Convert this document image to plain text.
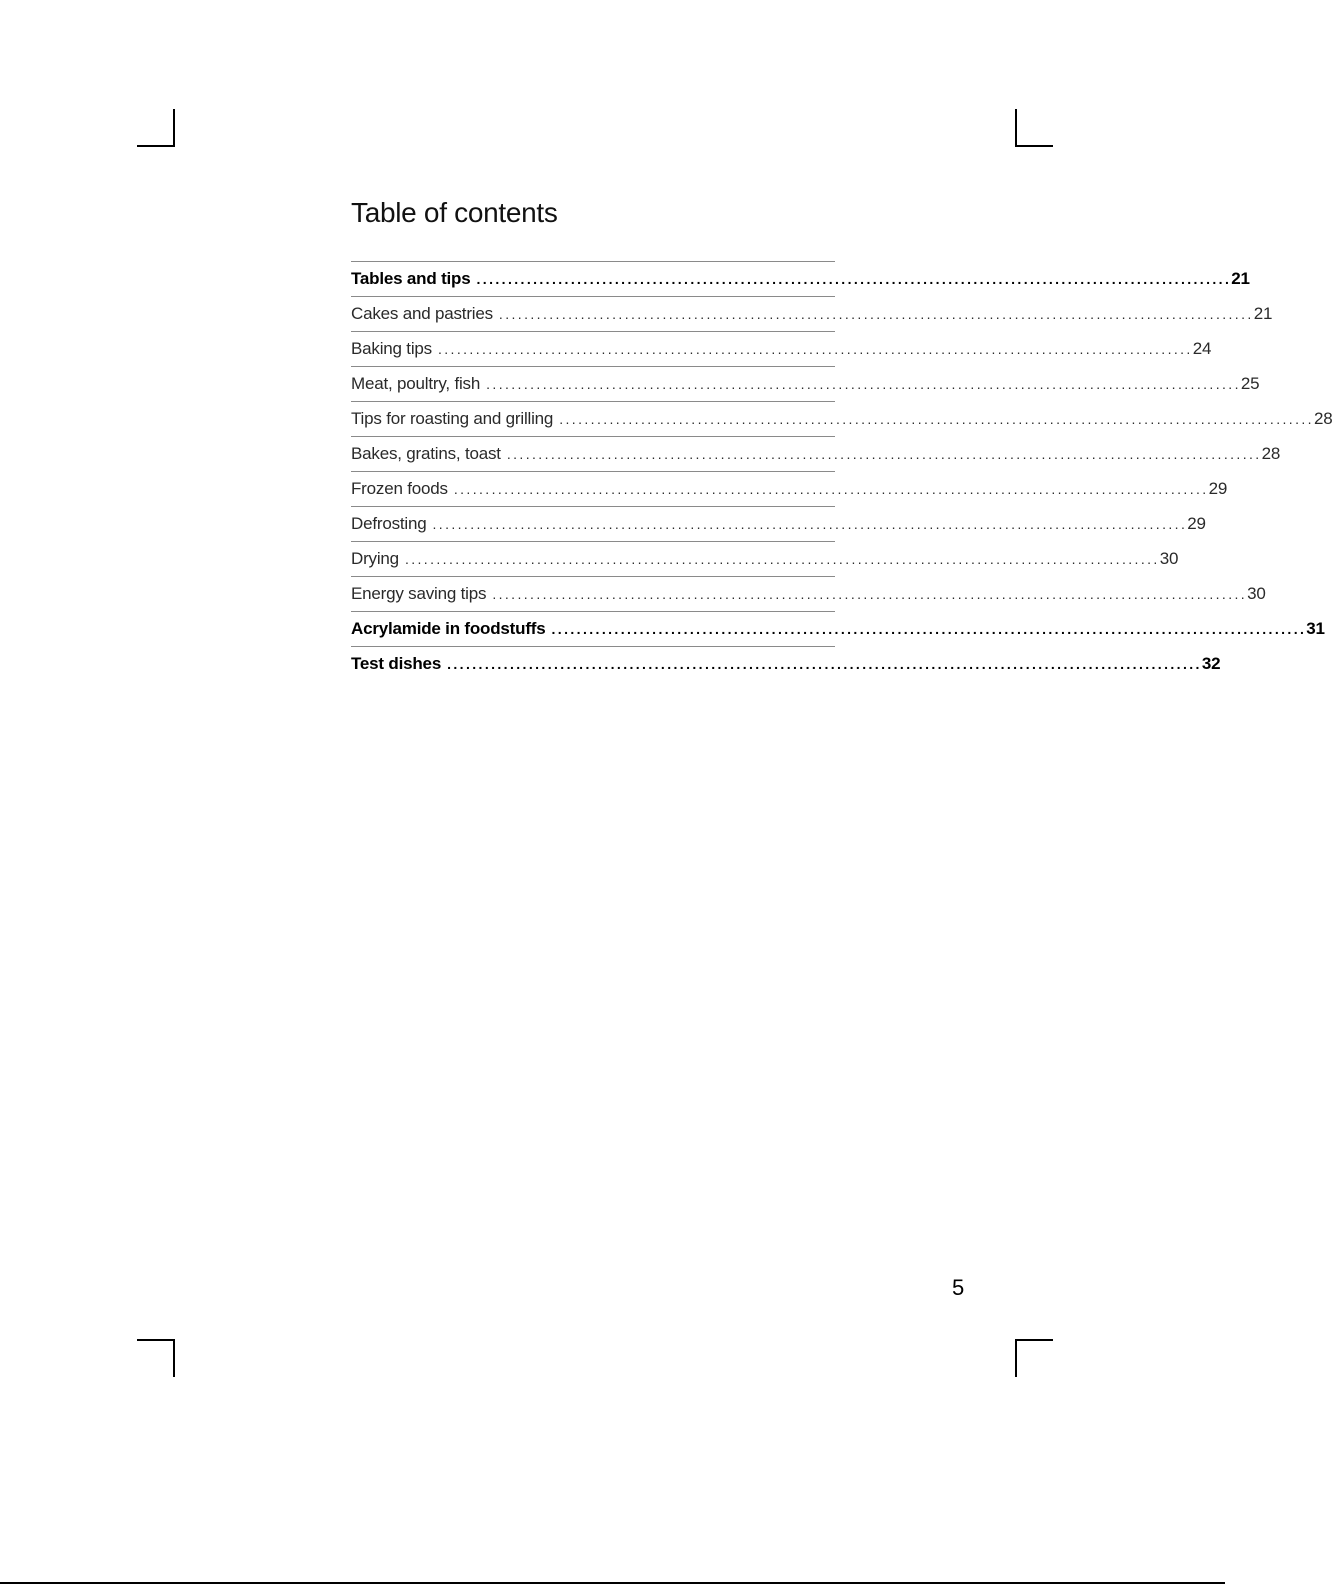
Table of contents
Tables and tips ........................................................................................................................ 21
Cakes and pastries ........................................................................................................................ 21
Baking tips ........................................................................................................................ 24
Meat, poultry, fish ........................................................................................................................ 25
Tips for roasting and grilling ........................................................................................................................ 28
Bakes, gratins, toast ........................................................................................................................ 28
Frozen foods ........................................................................................................................ 29
Defrosting ........................................................................................................................ 29
Drying ........................................................................................................................ 30
Energy saving tips ........................................................................................................................ 30
Acrylamide in foodstuffs ........................................................................................................................ 31
Test dishes ........................................................................................................................ 32
5
